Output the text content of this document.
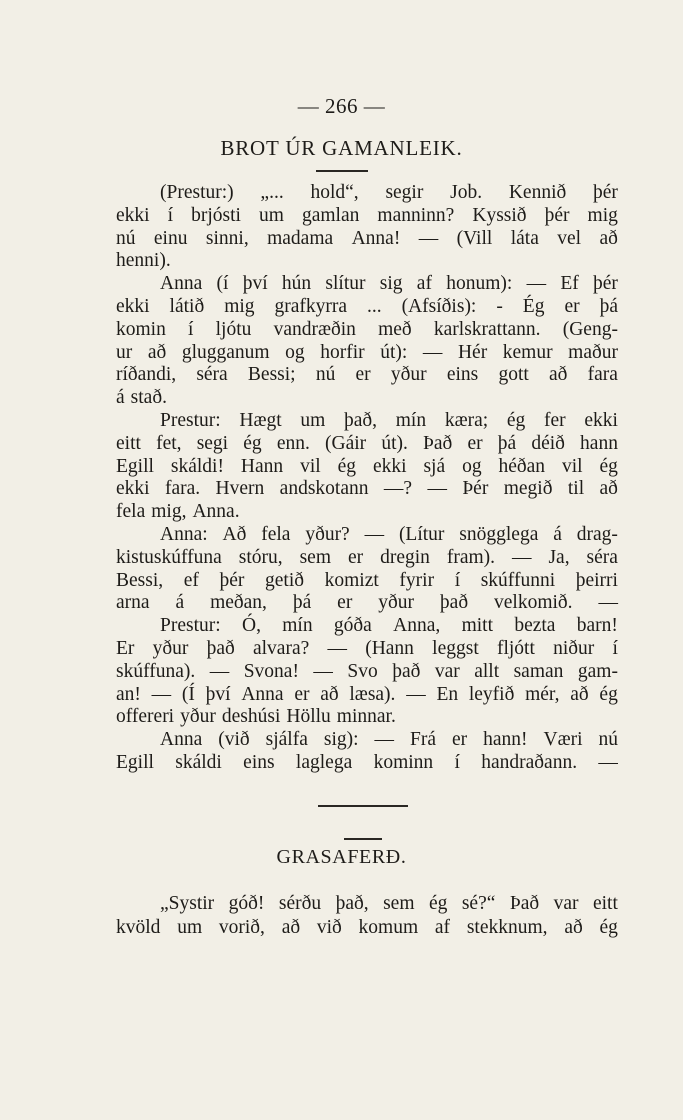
— 266 —
BROT ÚR GAMANLEIK.
(Prestur:) „... hold“, segir Job. Kennið þér
ekki í brjósti um gamlan manninn? Kyssið þér mig
nú einu sinni, madama Anna! — (Vill láta vel að
henni).
Anna (í því hún slítur sig af honum): — Ef þér
ekki látið mig grafkyrra ... (Afsíðis): - Ég er þá
komin í ljótu vandræðin með karlskrattann. (Geng-
ur að glugganum og horfir út): — Hér kemur maður
ríðandi, séra Bessi; nú er yður eins gott að fara
á stað.
Prestur: Hægt um það, mín kæra; ég fer ekki
eitt fet, segi ég enn. (Gáir út). Það er þá déið hann
Egill skáldi! Hann vil ég ekki sjá og héðan vil ég
ekki fara. Hvern andskotann —? — Þér megið til að
fela mig, Anna.
Anna: Að fela yður? — (Lítur snögglega á drag-
kistuskúffuna stóru, sem er dregin fram). — Ja, séra
Bessi, ef þér getið komizt fyrir í skúffunni þeirri
arna á meðan, þá er yður það velkomið. —
Prestur: Ó, mín góða Anna, mitt bezta barn!
Er yður það alvara? — (Hann leggst fljótt niður í
skúffuna). — Svona! — Svo það var allt saman gam-
an! — (Í því Anna er að læsa). — En leyfið mér, að ég
offereri yður deshúsi Höllu minnar.
Anna (við sjálfa sig): — Frá er hann! Væri nú
Egill skáldi eins laglega kominn í handraðann. —
GRASAFERÐ.
„Systir góð! sérðu það, sem ég sé?“ Það var eitt
kvöld um vorið, að við komum af stekknum, að ég
